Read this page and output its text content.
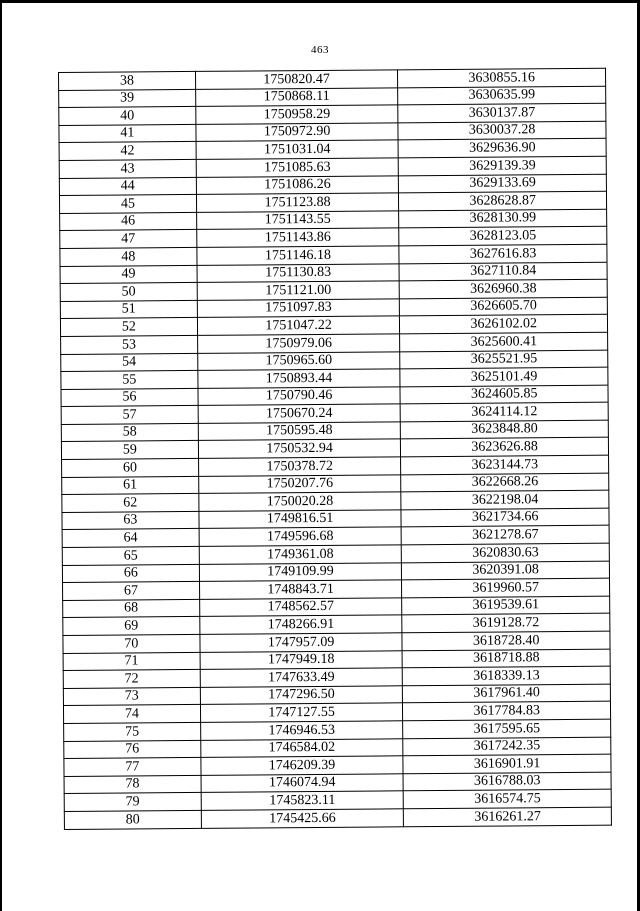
463
38	1750820.47	3630855.16
39	1750868.11	3630635.99
40	1750958.29	3630137.87
41	1750972.90	3630037.28
42	1751031.04	3629636.90
43	1751085.63	3629139.39
44	1751086.26	3629133.69
45	1751123.88	3628628.87
46	1751143.55	3628130.99
47	1751143.86	3628123.05
48	1751146.18	3627616.83
49	1751130.83	3627110.84
50	1751121.00	3626960.38
51	1751097.83	3626605.70
52	1751047.22	3626102.02
53	1750979.06	3625600.41
54	1750965.60	3625521.95
55	1750893.44	3625101.49
56	1750790.46	3624605.85
57	1750670.24	3624114.12
58	1750595.48	3623848.80
59	1750532.94	3623626.88
60	1750378.72	3623144.73
61	1750207.76	3622668.26
62	1750020.28	3622198.04
63	1749816.51	3621734.66
64	1749596.68	3621278.67
65	1749361.08	3620830.63
66	1749109.99	3620391.08
67	1748843.71	3619960.57
68	1748562.57	3619539.61
69	1748266.91	3619128.72
70	1747957.09	3618728.40
71	1747949.18	3618718.88
72	1747633.49	3618339.13
73	1747296.50	3617961.40
74	1747127.55	3617784.83
75	1746946.53	3617595.65
76	1746584.02	3617242.35
77	1746209.39	3616901.91
78	1746074.94	3616788.03
79	1745823.11	3616574.75
80	1745425.66	3616261.27
